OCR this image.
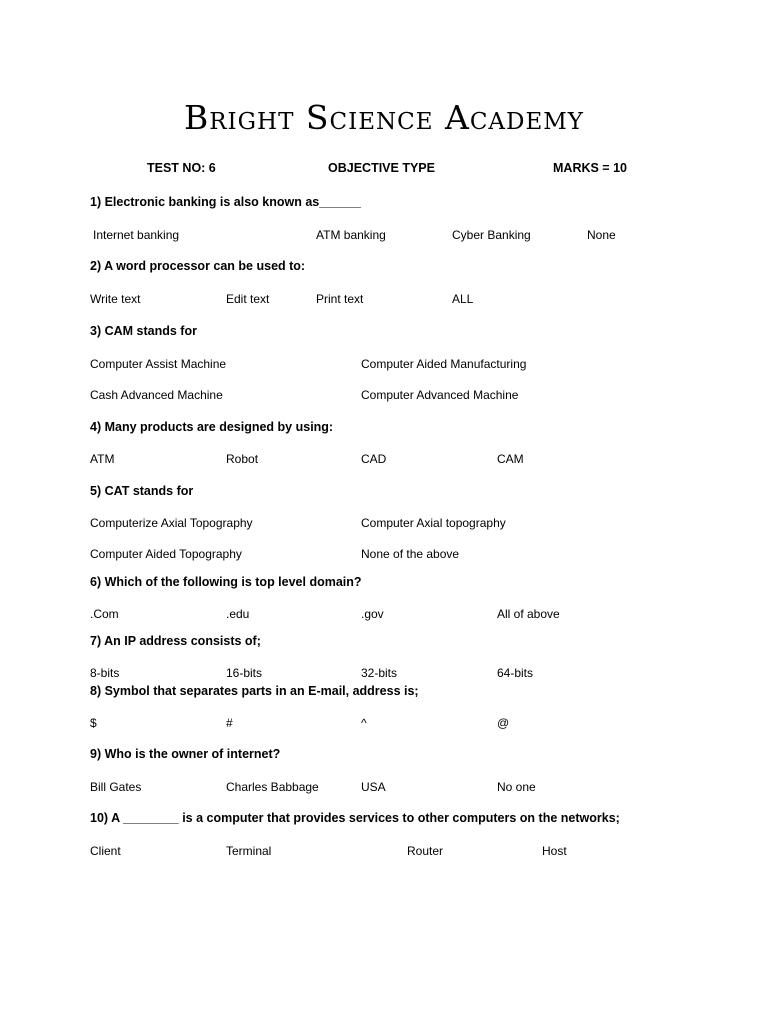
Bright Science Academy
TEST NO: 6	OBJECTIVE TYPE	MARKS = 10
1) Electronic banking is also known as______
Internet banking	ATM banking	Cyber Banking	None
2) A word processor can be used to:
Write text	Edit text	Print text	ALL
3) CAM stands for
Computer Assist Machine	Computer Aided Manufacturing
Cash Advanced Machine	Computer Advanced Machine
4) Many products are designed by using:
ATM	Robot	CAD	CAM
5) CAT stands for
Computerize Axial Topography	Computer Axial topography
Computer Aided Topography	None of the above
6) Which of the following is top level domain?
.Com	.edu	.gov	All of above
7) An IP address consists of;
8-bits	16-bits	32-bits	64-bits
8) Symbol that separates parts in an E-mail, address is;
$	#	^	@
9) Who is the owner of internet?
Bill Gates	Charles Babbage	USA	No one
10) A ________ is a computer that provides services to other computers on the networks;
Client	Terminal	Router	Host
